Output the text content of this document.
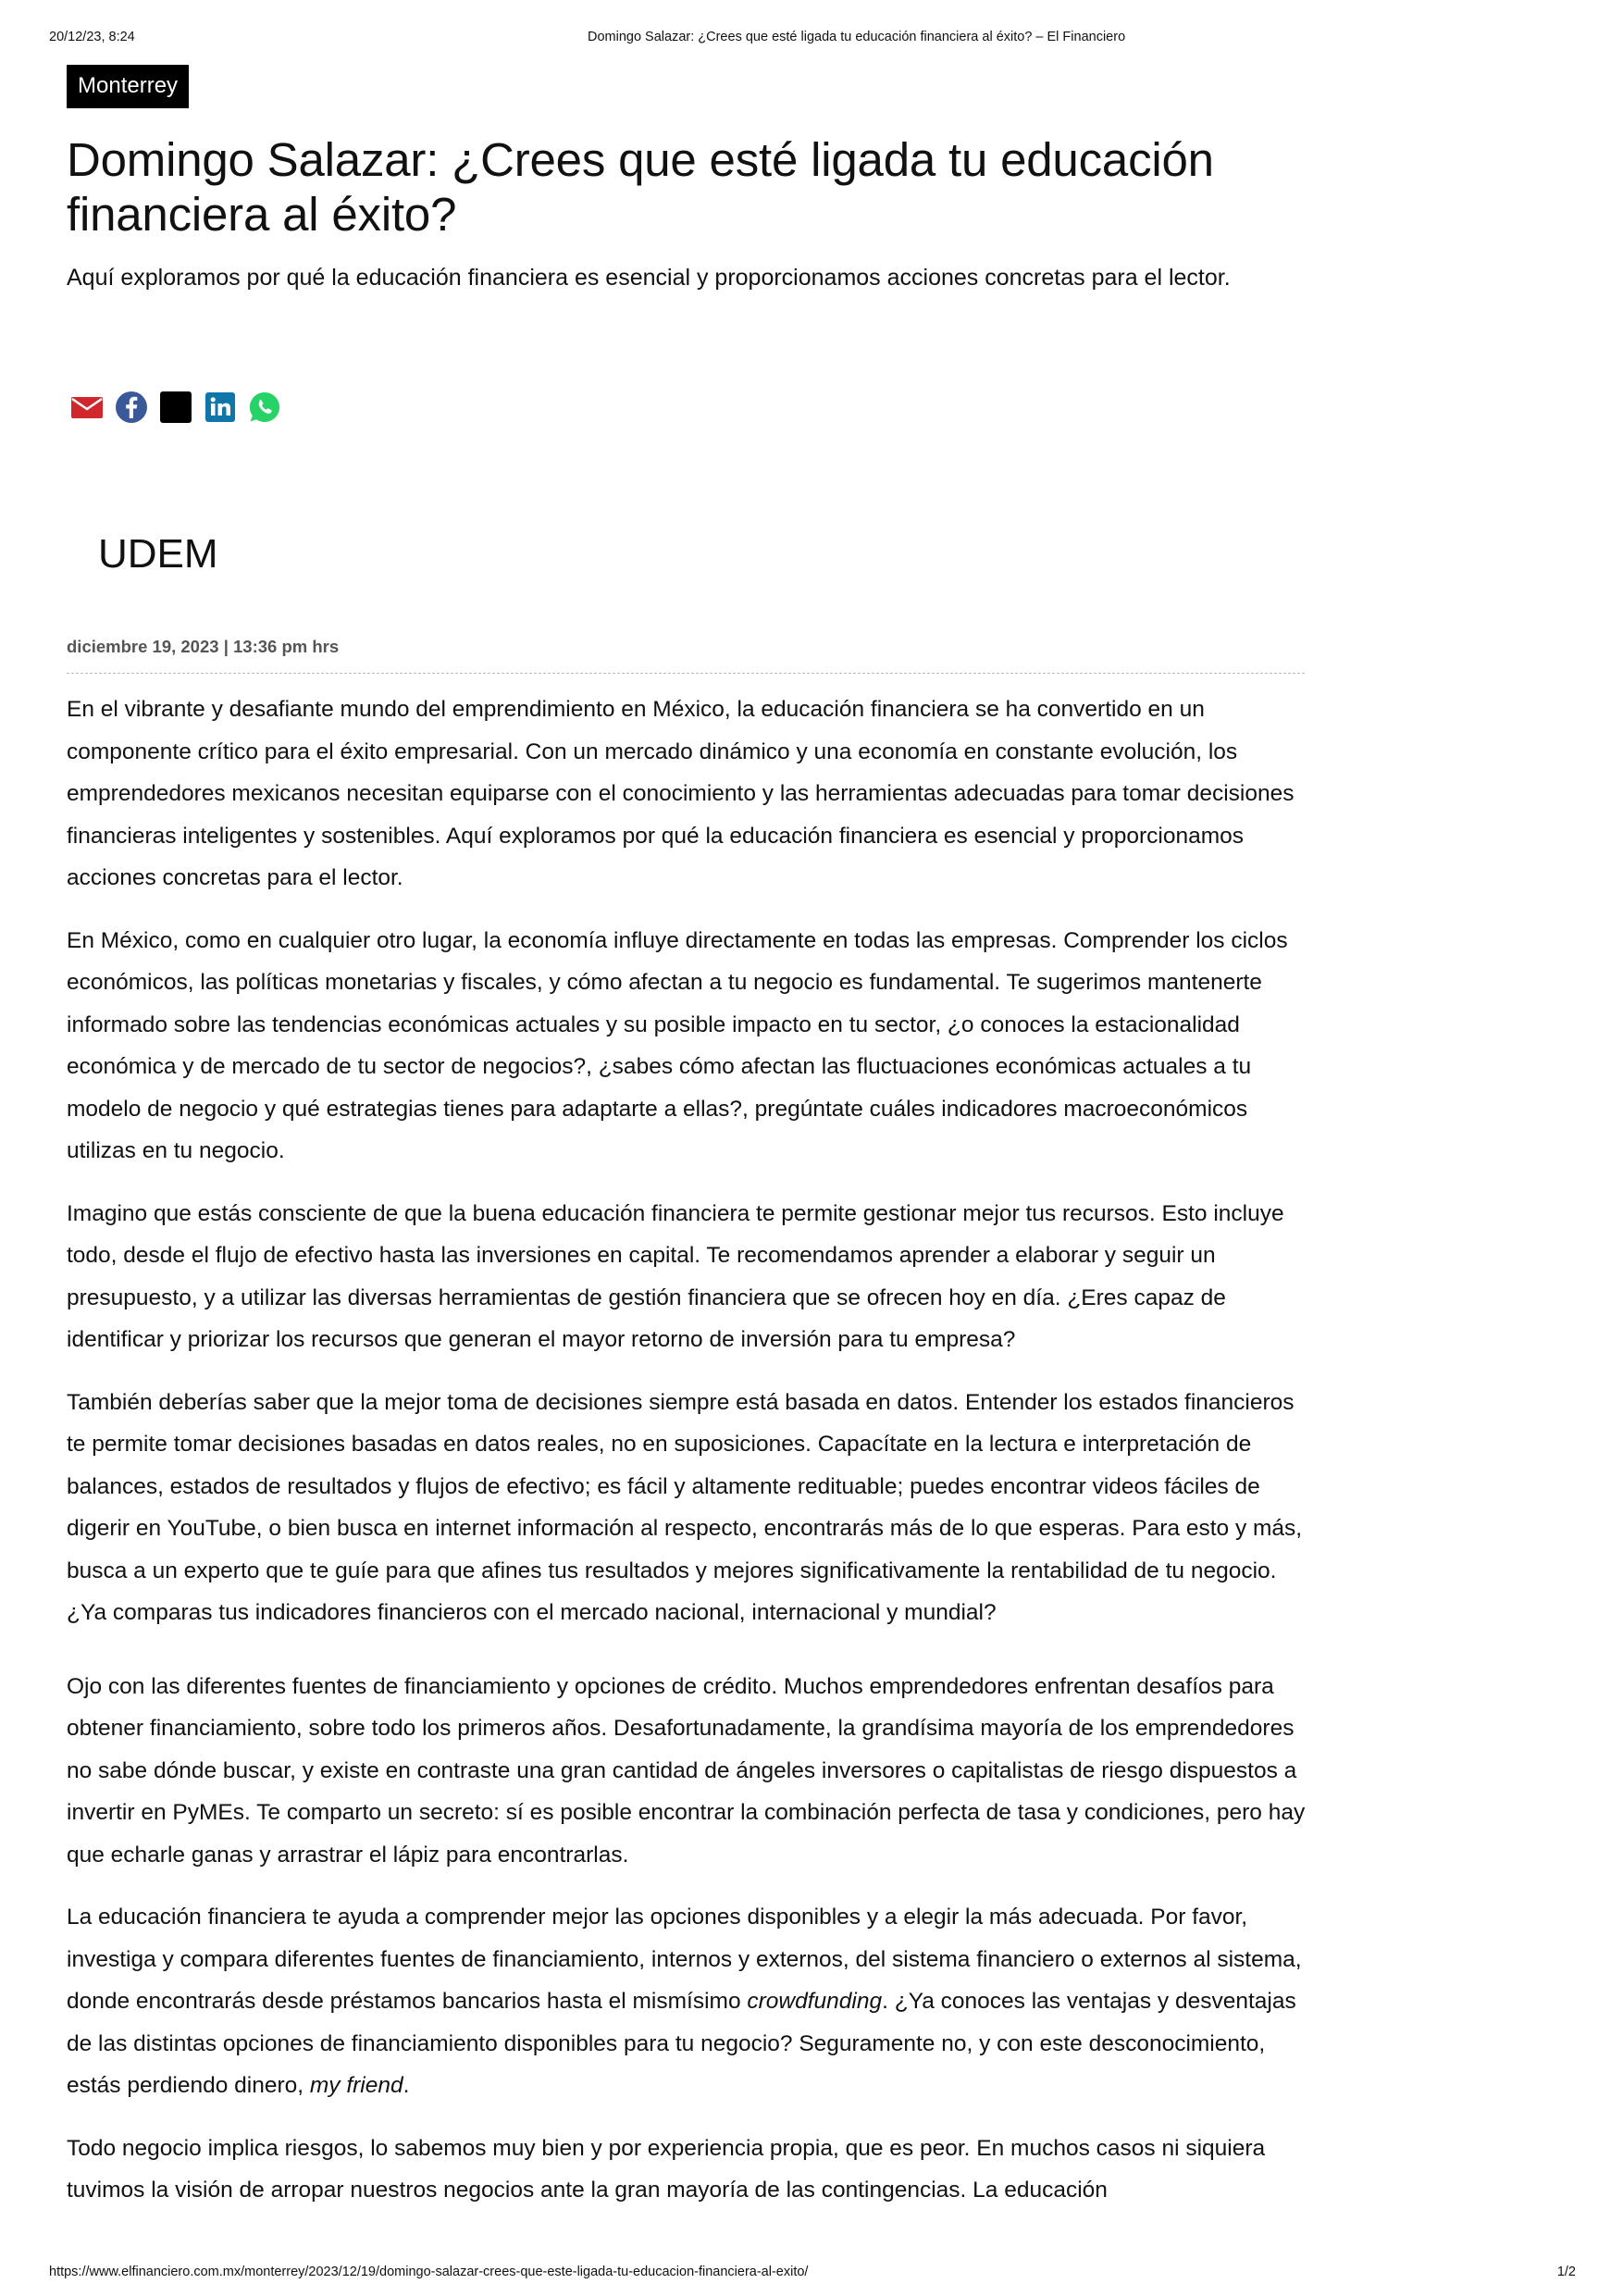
20/12/23, 8:24	Domingo Salazar: ¿Crees que esté ligada tu educación financiera al éxito? – El Financiero
Monterrey
Domingo Salazar: ¿Crees que esté ligada tu educación financiera al éxito?
Aquí exploramos por qué la educación financiera es esencial y proporcionamos acciones concretas para el lector.
UDEM
diciembre 19, 2023 | 13:36 pm hrs

En el vibrante y desafiante mundo del emprendimiento en México, la educación financiera se ha convertido en un componente crítico para el éxito empresarial. Con un mercado dinámico y una economía en constante evolución, los emprendedores mexicanos necesitan equiparse con el conocimiento y las herramientas adecuadas para tomar decisiones financieras inteligentes y sostenibles. Aquí exploramos por qué la educación financiera es esencial y proporcionamos acciones concretas para el lector.

En México, como en cualquier otro lugar, la economía influye directamente en todas las empresas. Comprender los ciclos económicos, las políticas monetarias y fiscales, y cómo afectan a tu negocio es fundamental. Te sugerimos mantenerte informado sobre las tendencias económicas actuales y su posible impacto en tu sector, ¿o conoces la estacionalidad económica y de mercado de tu sector de negocios?, ¿sabes cómo afectan las fluctuaciones económicas actuales a tu modelo de negocio y qué estrategias tienes para adaptarte a ellas?, pregúntate cuáles indicadores macroeconómicos utilizas en tu negocio.

Imagino que estás consciente de que la buena educación financiera te permite gestionar mejor tus recursos. Esto incluye todo, desde el flujo de efectivo hasta las inversiones en capital. Te recomendamos aprender a elaborar y seguir un presupuesto, y a utilizar las diversas herramientas de gestión financiera que se ofrecen hoy en día. ¿Eres capaz de identificar y priorizar los recursos que generan el mayor retorno de inversión para tu empresa?

También deberías saber que la mejor toma de decisiones siempre está basada en datos. Entender los estados financieros te permite tomar decisiones basadas en datos reales, no en suposiciones. Capacítate en la lectura e interpretación de balances, estados de resultados y flujos de efectivo; es fácil y altamente redituable; puedes encontrar videos fáciles de digerir en YouTube, o bien busca en internet información al respecto, encontrarás más de lo que esperas. Para esto y más, busca a un experto que te guíe para que afines tus resultados y mejores significativamente la rentabilidad de tu negocio. ¿Ya comparas tus indicadores financieros con el mercado nacional, internacional y mundial?

Ojo con las diferentes fuentes de financiamiento y opciones de crédito. Muchos emprendedores enfrentan desafíos para obtener financiamiento, sobre todo los primeros años. Desafortunadamente, la grandísima mayoría de los emprendedores no sabe dónde buscar, y existe en contraste una gran cantidad de ángeles inversores o capitalistas de riesgo dispuestos a invertir en PyMEs. Te comparto un secreto: sí es posible encontrar la combinación perfecta de tasa y condiciones, pero hay que echarle ganas y arrastrar el lápiz para encontrarlas.

La educación financiera te ayuda a comprender mejor las opciones disponibles y a elegir la más adecuada. Por favor, investiga y compara diferentes fuentes de financiamiento, internos y externos, del sistema financiero o externos al sistema, donde encontrarás desde préstamos bancarios hasta el mismísimo crowdfunding. ¿Ya conoces las ventajas y desventajas de las distintas opciones de financiamiento disponibles para tu negocio? Seguramente no, y con este desconocimiento, estás perdiendo dinero, my friend.

Todo negocio implica riesgos, lo sabemos muy bien y por experiencia propia, que es peor. En muchos casos ni siquiera tuvimos la visión de arropar nuestros negocios ante la gran mayoría de las contingencias. La educación

https://www.elfinanciero.com.mx/monterrey/2023/12/19/domingo-salazar-crees-que-este-ligada-tu-educacion-financiera-al-exito/	1/2
